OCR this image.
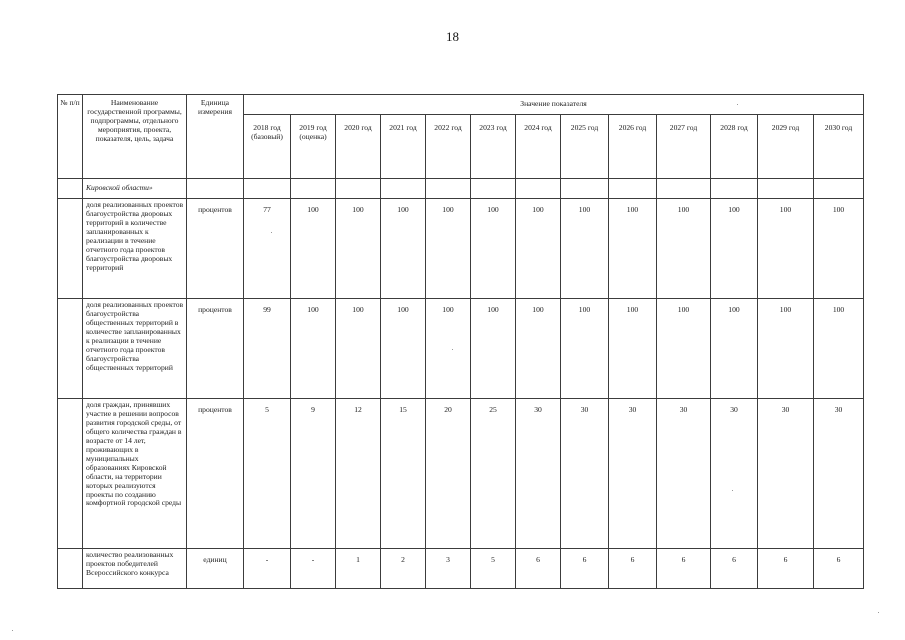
18
№ п/п	Наименование государственной программы, подпрограммы, отдельного мероприятия, проекта, показателя, цель, задача	Единица измерения	Значение показателя												
			2018 год (базовый)	2019 год (оценка)	2020 год	2021 год	2022 год	2023 год	2024 год	2025 год	2026 год	2027 год	2028 год	2029 год	2030 год
	Кировской области»														
	доля реализованных проектов благоустройства дворовых территорий в количестве запланированных к реализации в течение отчетного года проектов благоустройства дворовых территорий	процентов	77	100	100	100	100	100	100	100	100	100	100	100	100
	доля реализованных проектов благоустройства общественных территорий в количестве запланированных к реализации в течение отчетного года проектов благоустройства общественных территорий	процентов	99	100	100	100	100	100	100	100	100	100	100	100	100
	доля граждан, принявших участие в решении вопросов развития городской среды, от общего количества граждан в возрасте от 14 лет, проживающих в муниципальных образованиях Кировской области, на территории которых реализуются проекты по созданию комфортной городской среды	процентов	5	9	12	15	20	25	30	30	30	30	30	30	30
	количество реализованных проектов победителей Всероссийского конкурса	единиц	-	-	1	2	3	5	6	6	6	6	6	6	6
